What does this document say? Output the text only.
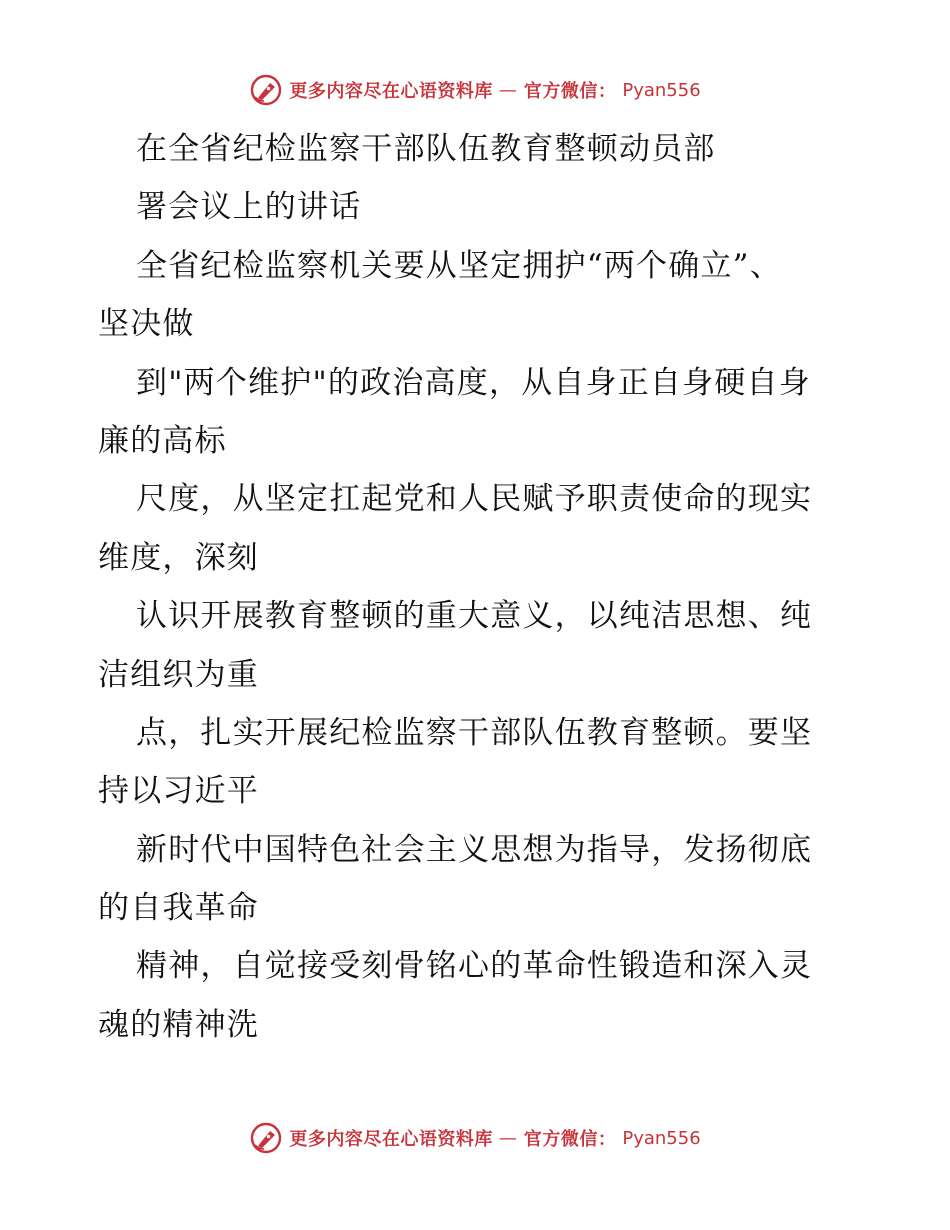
更多内容尽在心语资料库 — 官方微信： Pyan556
在全省纪检监察干部队伍教育整顿动员部
署会议上的讲话
全省纪检监察机关要从坚定拥护“两个确立”、
坚决做
到"两个维护"的政治高度，从自身正自身硬自身
廉的高标
尺度，从坚定扛起党和人民赋予职责使命的现实
维度，深刻
认识开展教育整顿的重大意义，以纯洁思想、纯
洁组织为重
点，扎实开展纪检监察干部队伍教育整顿。要坚
持以习近平
新时代中国特色社会主义思想为指导，发扬彻底
的自我革命
精神，自觉接受刻骨铭心的革命性锻造和深入灵
魂的精神洗
更多内容尽在心语资料库 — 官方微信： Pyan556
